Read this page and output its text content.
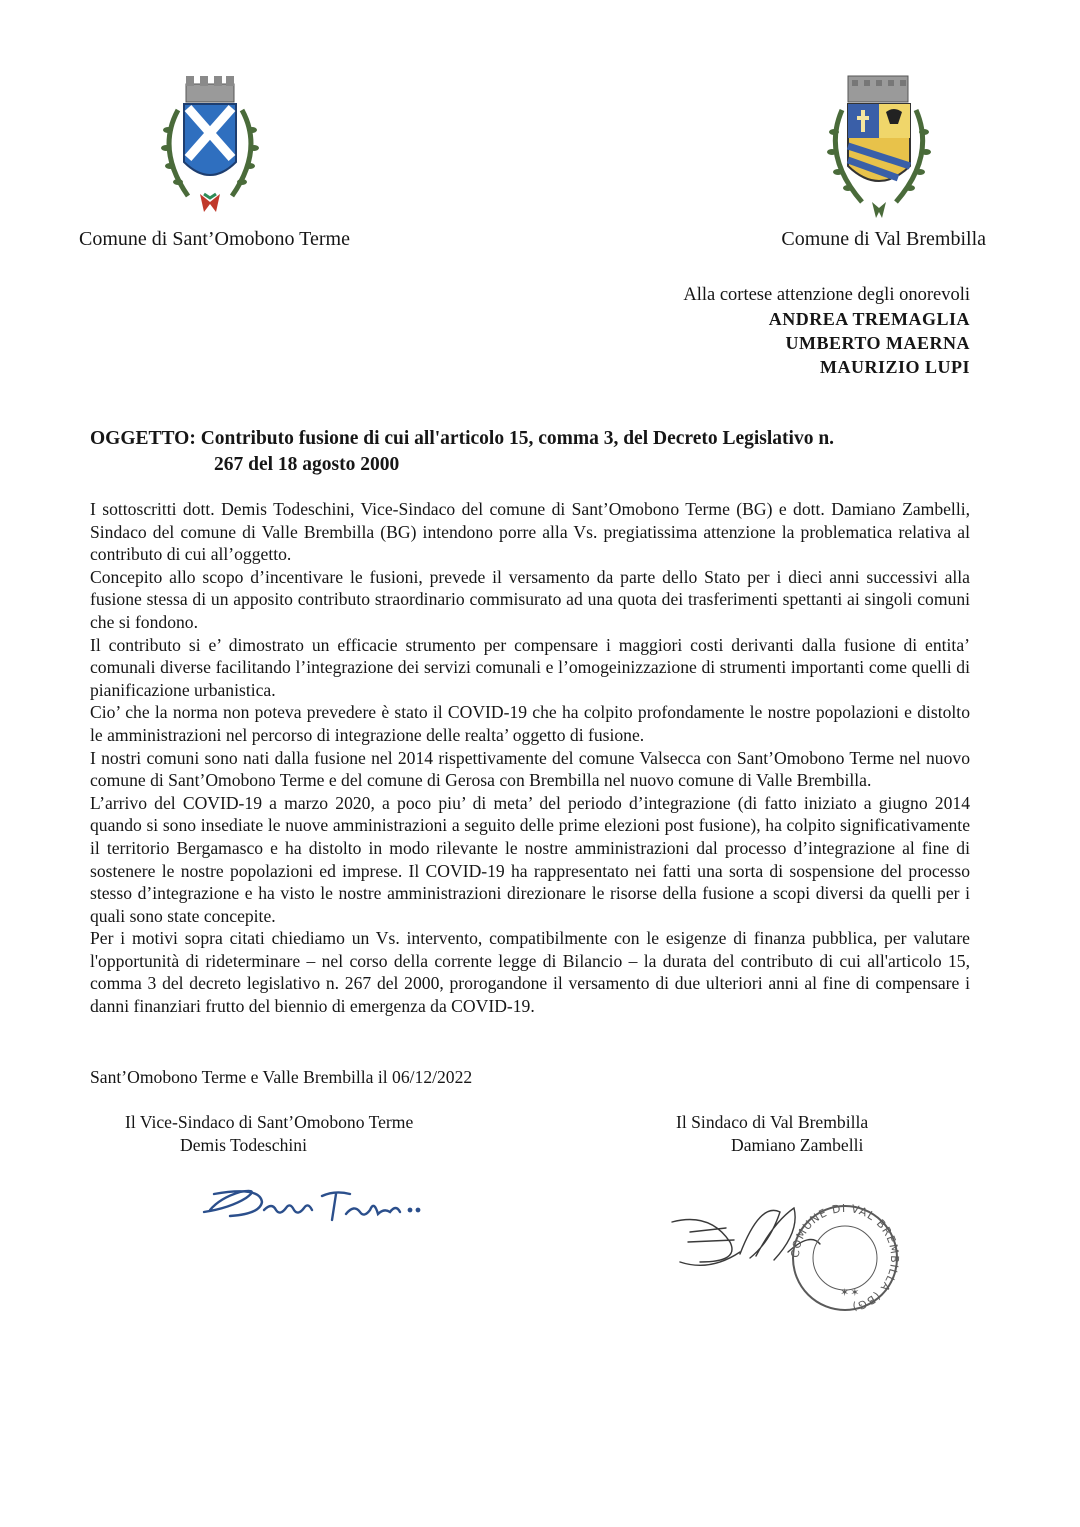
Comune di Sant’Omobono Terme	Comune di Val Brembilla
Alla cortese attenzione degli onorevoli
ANDREA TREMAGLIA
UMBERTO MAERNA
MAURIZIO LUPI
OGGETTO: Contributo fusione di cui all'articolo 15, comma 3, del Decreto Legislativo n.
267 del 18 agosto 2000

I sottoscritti dott. Demis Todeschini, Vice-Sindaco del comune di Sant’Omobono Terme (BG) e dott. Damiano Zambelli, Sindaco del comune di Valle Brembilla (BG) intendono porre alla Vs. pregiatissima attenzione la problematica relativa al contributo di cui all’oggetto.

Concepito allo scopo d’incentivare le fusioni, prevede il versamento da parte dello Stato per i dieci anni successivi alla fusione stessa di un apposito contributo straordinario commisurato ad una quota dei trasferimenti spettanti ai singoli comuni che si fondono.

Il contributo si e’ dimostrato un efficacie strumento per compensare i maggiori costi derivanti dalla fusione di entita’ comunali diverse facilitando l’integrazione dei servizi comunali e l’omogeinizzazione di strumenti importanti come quelli di pianificazione urbanistica.

Cio’ che la norma non poteva prevedere è stato il COVID-19 che ha colpito profondamente le nostre popolazioni e distolto le amministrazioni nel percorso di integrazione delle realta’ oggetto di fusione.

I nostri comuni sono nati dalla fusione nel 2014 rispettivamente del comune Valsecca con Sant’Omobono Terme nel nuovo comune di Sant’Omobono Terme e del comune di Gerosa con Brembilla nel nuovo comune di Valle Brembilla.

L’arrivo del COVID-19 a marzo 2020, a poco piu’ di meta’ del periodo d’integrazione (di fatto iniziato a giugno 2014 quando si sono insediate le nuove amministrazioni a seguito delle prime elezioni post fusione), ha colpito significativamente il territorio Bergamasco e ha distolto in modo rilevante le nostre amministrazioni dal processo d’integrazione al fine di sostenere le nostre popolazioni ed imprese. Il COVID-19 ha rappresentato nei fatti una sorta di sospensione del processo stesso d’integrazione e ha visto le nostre amministrazioni direzionare le risorse della fusione a scopi diversi da quelli per i quali sono state concepite.

Per i motivi sopra citati chiediamo un Vs. intervento, compatibilmente con le esigenze di finanza pubblica, per valutare l'opportunità di rideterminare – nel corso della corrente legge di Bilancio – la durata del contributo di cui all'articolo 15, comma 3 del decreto legislativo n. 267 del 2000, prorogandone il versamento di due ulteriori anni al fine di compensare i danni finanziari frutto del biennio di emergenza da COVID-19.

Sant’Omobono Terme e Valle Brembilla il 06/12/2022
Il Vice-Sindaco di Sant’Omobono Terme
Demis Todeschini
Il Sindaco di Val Brembilla
Damiano Zambelli
COMUNE DI VAL BREMBILLA (BG)
✶✶
